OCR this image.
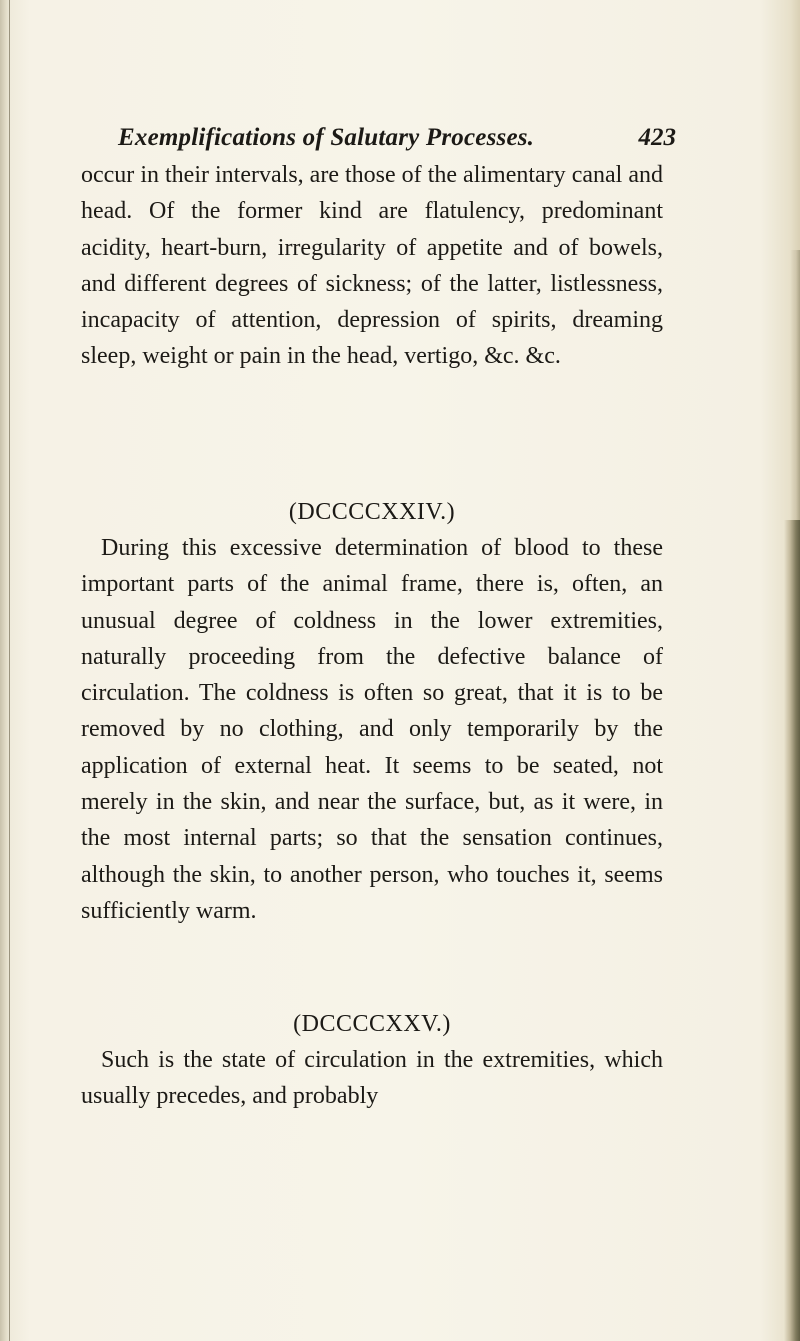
Exemplifications of Salutary Processes.	423

occur in their intervals, are those of the alimentary canal and head. Of the former kind are flatulency, predominant acidity, heart-burn, irregularity of appetite and of bowels, and different degrees of sickness; of the latter, listlessness, incapacity of attention, depression of spirits, dreaming sleep, weight or pain in the head, vertigo, &c. &c.

(DCCCCXXIV.)

During this excessive determination of blood to these important parts of the animal frame, there is, often, an unusual degree of coldness in the lower extremities, naturally proceeding from the defective balance of circulation. The coldness is often so great, that it is to be removed by no clothing, and only temporarily by the application of external heat. It seems to be seated, not merely in the skin, and near the surface, but, as it were, in the most internal parts; so that the sensation continues, although the skin, to another person, who touches it, seems sufficiently warm.

(DCCCCXXV.)

Such is the state of circulation in the extremities, which usually precedes, and probably
